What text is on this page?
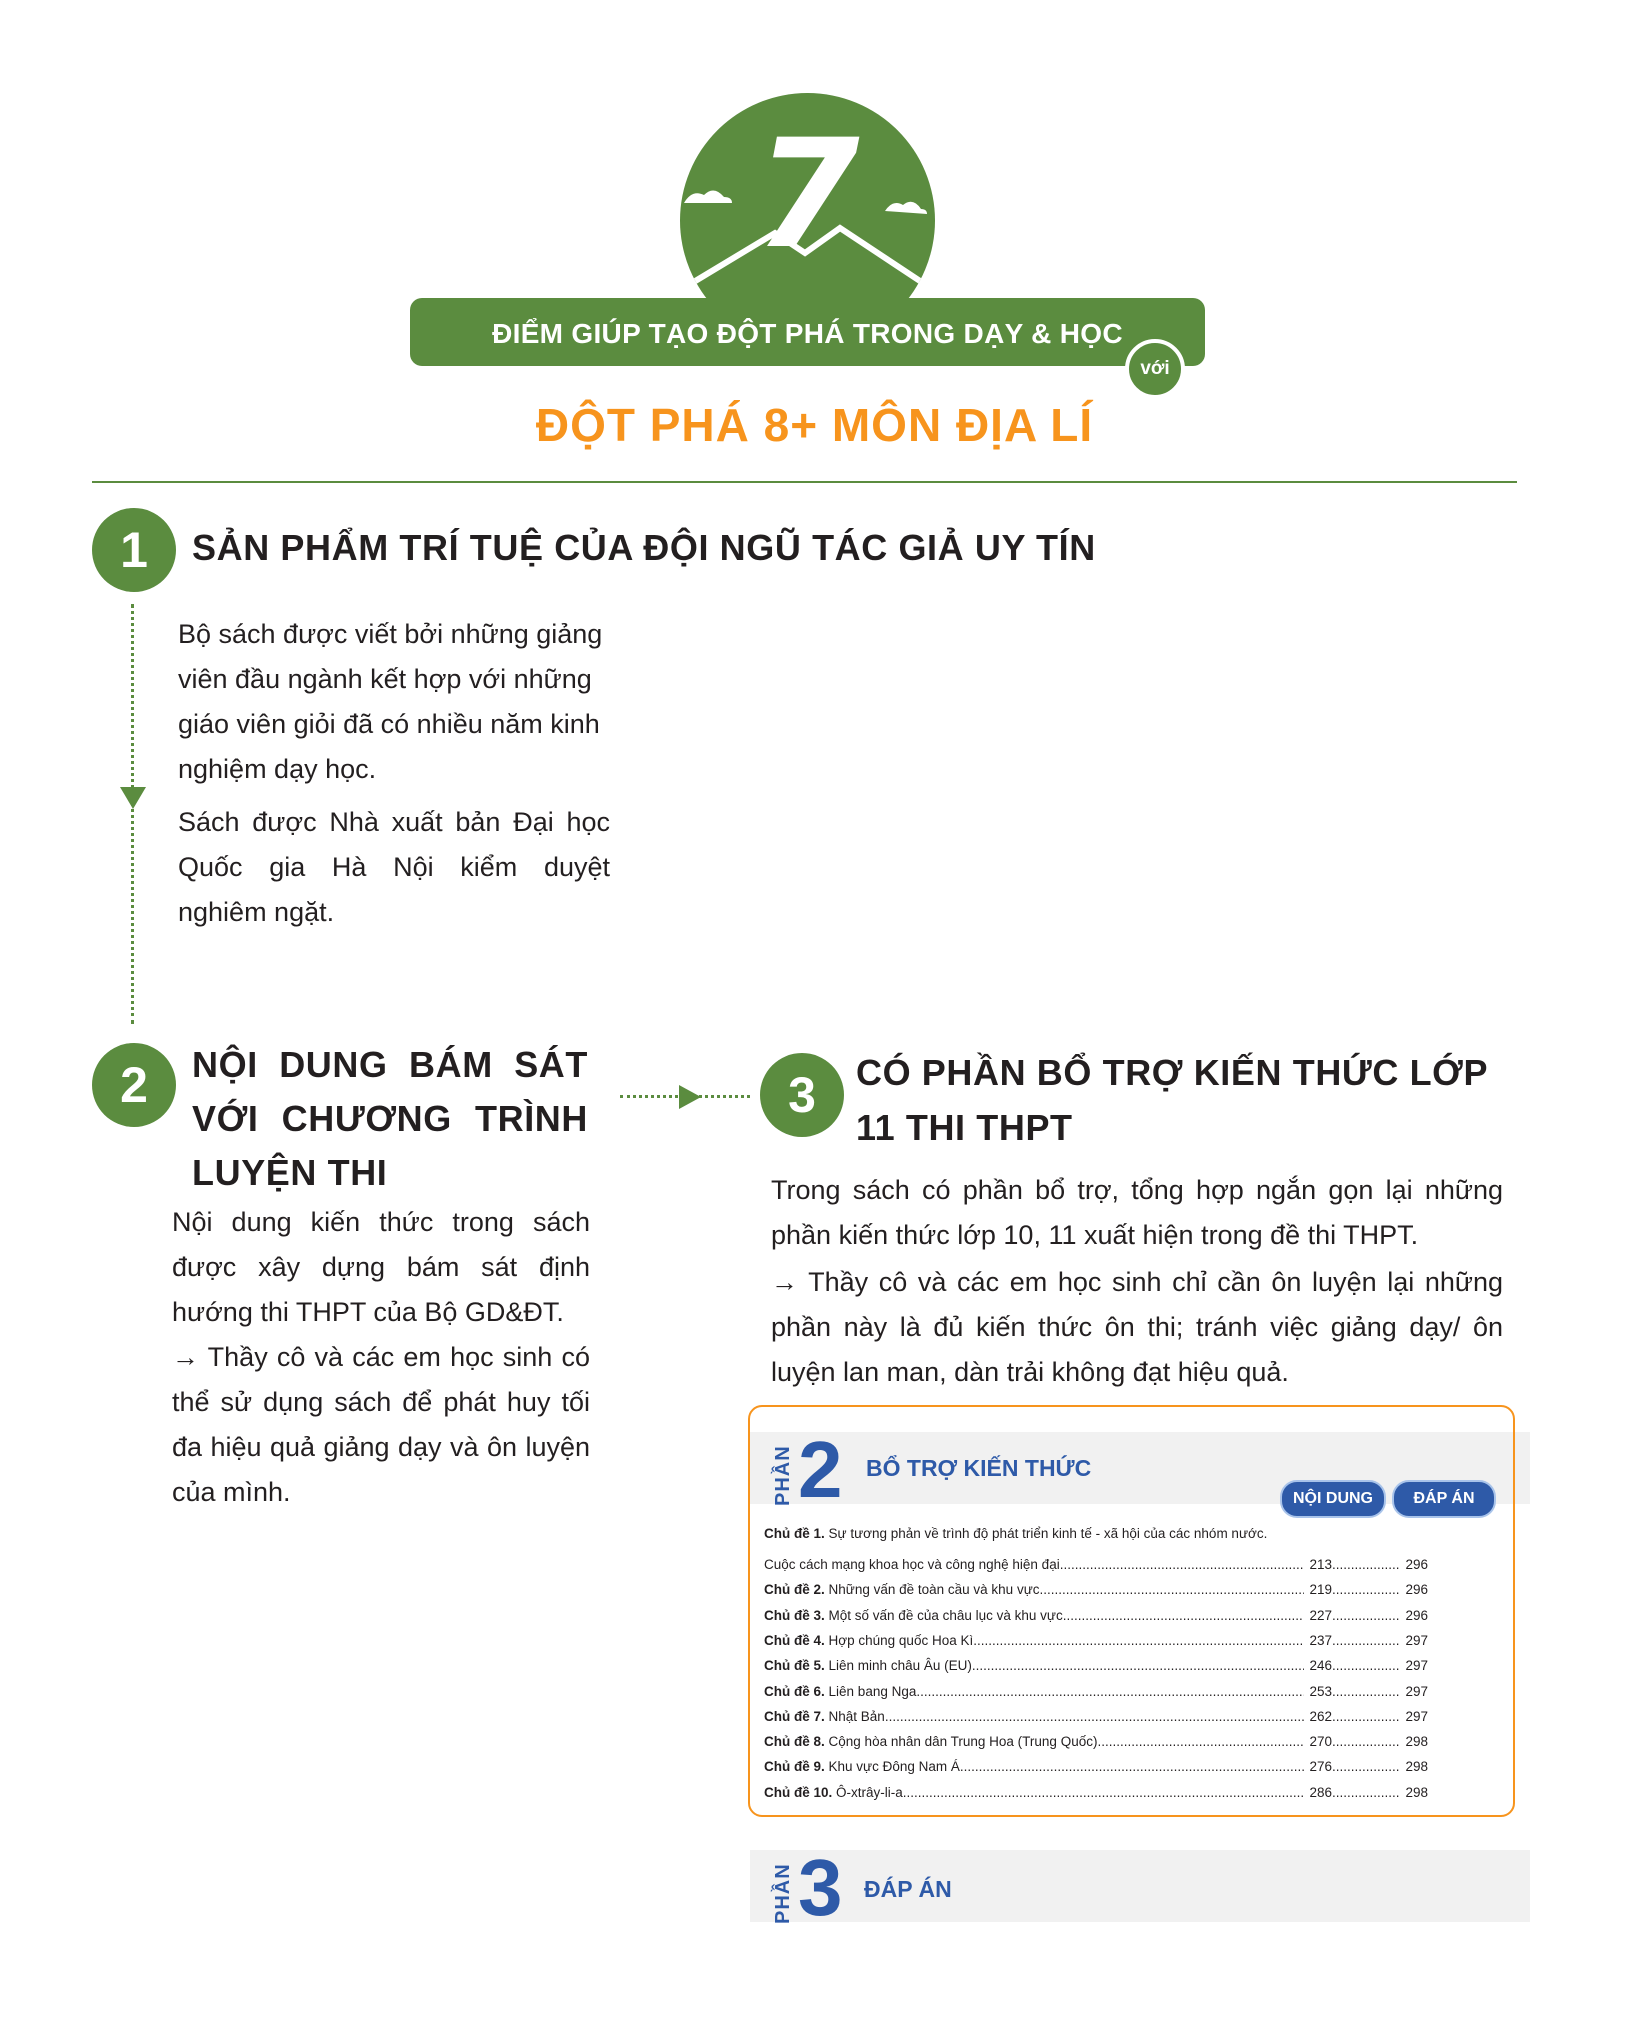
7
ĐIỂM GIÚP TẠO ĐỘT PHÁ TRONG DẠY & HỌC
với
ĐỘT PHÁ 8+ MÔN ĐỊA LÍ
1	SẢN PHẨM TRÍ TUỆ CỦA ĐỘI NGŨ TÁC GIẢ UY TÍN
Bộ sách được viết bởi những giảng viên đầu ngành kết hợp với những giáo viên giỏi đã có nhiều năm kinh nghiệm dạy học.
Sách được Nhà xuất bản Đại học Quốc gia Hà Nội kiểm duyệt nghiêm ngặt.
2	NỘI DUNG BÁM SÁT VỚI CHƯƠNG TRÌNH LUYỆN THI
Nội dung kiến thức trong sách được xây dựng bám sát định hướng thi THPT của Bộ GD&ĐT.
→ Thầy cô và các em học sinh có thể sử dụng sách để phát huy tối đa hiệu quả giảng dạy và ôn luyện của mình.
3	CÓ PHẦN BỔ TRỢ KIẾN THỨC LỚP 11 THI THPT
Trong sách có phần bổ trợ, tổng hợp ngắn gọn lại những phần kiến thức lớp 10, 11 xuất hiện trong đề thi THPT.
→ Thầy cô và các em học sinh chỉ cần ôn luyện lại những phần này là đủ kiến thức ôn thi; tránh việc giảng dạy/ ôn luyện lan man, dàn trải không đạt hiệu quả.
PHẦN 2 BỔ TRỢ KIẾN THỨC
NỘI DUNG	ĐÁP ÁN
Chủ đề 1. Sự tương phản về trình độ phát triển kinh tế - xã hội của các nhóm nước.
Cuộc cách mạng khoa học và công nghệ hiện đại. .....	213 .....	296
Chủ đề 2. Những vấn đề toàn cầu và khu vực .....	219 .....	296
Chủ đề 3. Một số vấn đề của châu lục và khu vực .....	227 .....	296
Chủ đề 4. Hợp chúng quốc Hoa Kì. .....	237 .....	297
Chủ đề 5. Liên minh châu Âu (EU). .....	246 .....	297
Chủ đề 6. Liên bang Nga. .....	253 .....	297
Chủ đề 7. Nhật Bản. .....	262 .....	297
Chủ đề 8. Cộng hòa nhân dân Trung Hoa (Trung Quốc). .....	270 .....	298
Chủ đề 9. Khu vực Đông Nam Á. .....	276 .....	298
Chủ đề 10. Ô-xtrây-li-a. .....	286 .....	298
PHẦN 3 ĐÁP ÁN
